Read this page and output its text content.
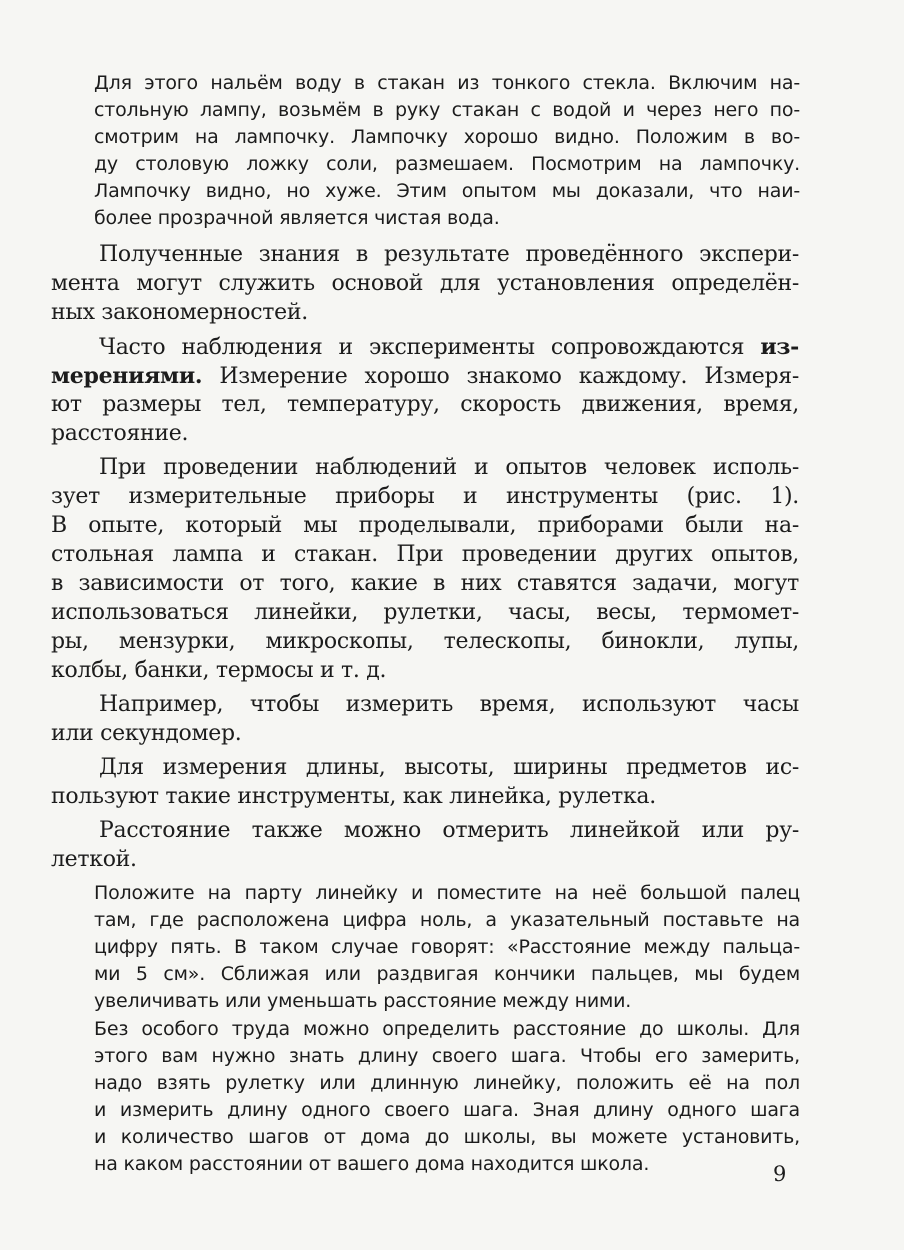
Для этого нальём воду в стакан из тонкого стекла. Включим на-

стольную лампу, возьмём в руку стакан с водой и через него по-

смотрим на лампочку. Лампочку хорошо видно. Положим в во-

ду столовую ложку соли, размешаем. Посмотрим на лампочку.

Лампочку видно, но хуже. Этим опытом мы доказали, что наи-

более прозрачной является чистая вода.

Полученные знания в результате проведённого экспери-

мента могут служить основой для установления определён-

ных закономерностей.

Часто наблюдения и эксперименты сопровождаются из-

мерениями. Измерение хорошо знакомо каждому. Измеря-

ют размеры тел, температуру, скорость движения, время,

расстояние.

При проведении наблюдений и опытов человек исполь-

зует измерительные приборы и инструменты (рис. 1).

В опыте, который мы проделывали, приборами были на-

стольная лампа и стакан. При проведении других опытов,

в зависимости от того, какие в них ставятся задачи, могут

использоваться линейки, рулетки, часы, весы, термомет-

ры, мензурки, микроскопы, телескопы, бинокли, лупы,

колбы, банки, термосы и т. д.

Например, чтобы измерить время, используют часы

или секундомер.

Для измерения длины, высоты, ширины предметов ис-

пользуют такие инструменты, как линейка, рулетка.

Расстояние также можно отмерить линейкой или ру-

леткой.

Положите на парту линейку и поместите на неё большой палец

там, где расположена цифра ноль, а указательный поставьте на

цифру пять. В таком случае говорят: «Расстояние между пальца-

ми 5 см». Сближая или раздвигая кончики пальцев, мы будем

увеличивать или уменьшать расстояние между ними.

Без особого труда можно определить расстояние до школы. Для

этого вам нужно знать длину своего шага. Чтобы его замерить,

надо взять рулетку или длинную линейку, положить её на пол

и измерить длину одного своего шага. Зная длину одного шага

и количество шагов от дома до школы, вы можете установить,

на каком расстоянии от вашего дома находится школа.	9
